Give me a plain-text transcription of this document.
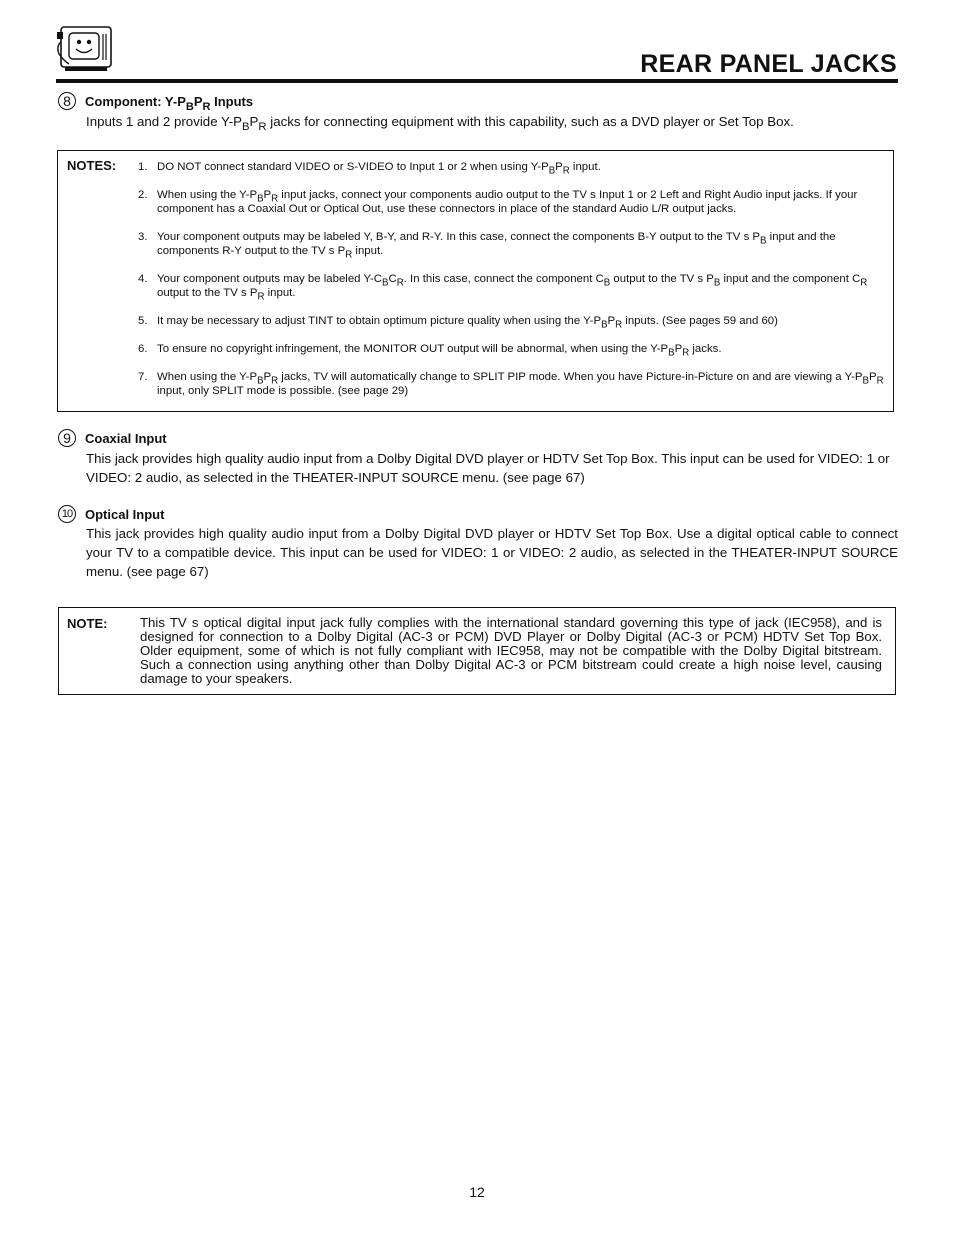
REAR PANEL JACKS
8	Component: Y-PBPR Inputs

Inputs 1 and 2 provide $Y-P_BP_R$ jacks for connecting equipment with this capability, such as a DVD player or Set Top Box.

NOTES: 1. DO NOT connect standard VIDEO or S-VIDEO to Input 1 or 2 when using $Y-P_BP_R$ input.
2. When using the $Y-P_BP_R$ input jacks, connect your components audio output to the TV s Input 1 or 2 Left and Right Audio input jacks. If your component has a Coaxial Out or Optical Out, use these connectors in place of the standard Audio L/R output jacks.
3. Your component outputs may be labeled Y, B-Y, and R-Y. In this case, connect the components B-Y output to the TV s $P_B$ input and the components R-Y output to the TV s $P_R$ input.
4. Your component outputs may be labeled $Y-C_BC_R$. In this case, connect the component $C_B$ output to the TV s $P_B$ input and the component $C_R$ output to the TV s $P_R$ input.
5. It may be necessary to adjust TINT to obtain optimum picture quality when using the $Y-P_BP_R$ inputs. (See pages 59 and 60)
6. To ensure no copyright infringement, the MONITOR OUT output will be abnormal, when using the $Y-P_BP_R$ jacks.
7. When using the $Y-P_BP_R$ jacks, TV will automatically change to SPLIT PIP mode. When you have Picture-in-Picture on and are viewing a $Y-P_BP_R$ input, only SPLIT mode is possible. (see page 29)
9	Coaxial Input

This jack provides high quality audio input from a Dolby Digital DVD player or HDTV Set Top Box. This input can be used for VIDEO: 1 or VIDEO: 2 audio, as selected in the THEATER-INPUT SOURCE menu. (see page 67)

10 Optical Input

This jack provides high quality audio input from a Dolby Digital DVD player or HDTV Set Top Box. Use a digital optical cable to connect your TV to a compatible device. This input can be used for VIDEO: 1 or VIDEO: 2 audio, as selected in the THEATER-INPUT SOURCE menu. (see page 67)

NOTE: This TV s optical digital input jack fully complies with the international standard governing this type of jack (IEC958), and is designed for connection to a Dolby Digital (AC-3 or PCM) DVD Player or Dolby Digital (AC-3 or PCM) HDTV Set Top Box. Older equipment, some of which is not fully compliant with IEC958, may not be compatible with the Dolby Digital bitstream. Such a connection using anything other than Dolby Digital AC-3 or PCM bitstream could create a high noise level, causing damage to your speakers.
12
